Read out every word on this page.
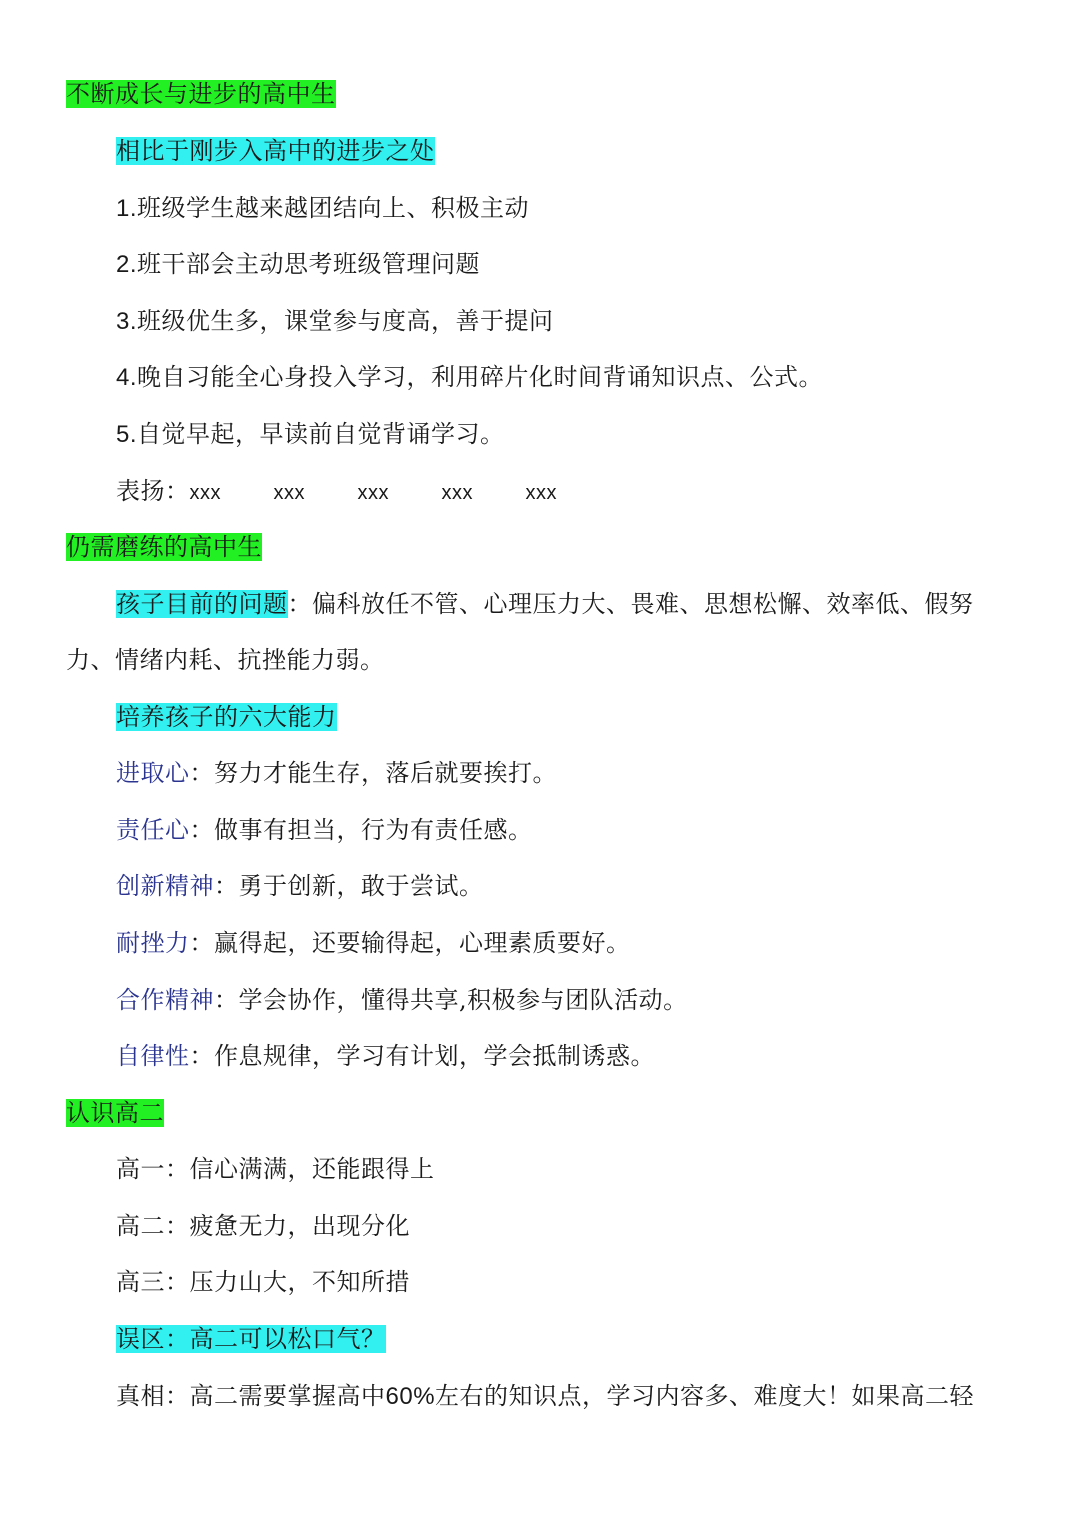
不断成长与进步的高中生
相比于刚步入高中的进步之处
1.班级学生越来越团结向上、积极主动
2.班干部会主动思考班级管理问题
3.班级优生多，课堂参与度高，善于提问
4.晚自习能全心身投入学习，利用碎片化时间背诵知识点、公式。
5.自觉早起，早读前自觉背诵学习。
表扬：xxx	xxx	xxx	xxx	xxx
仍需磨练的高中生
孩子目前的问题：偏科放任不管、心理压力大、畏难、思想松懈、效率低、假努
力、情绪内耗、抗挫能力弱。
培养孩子的六大能力
进取心：努力才能生存，落后就要挨打。
责任心：做事有担当，行为有责任感。
创新精神：勇于创新，敢于尝试。
耐挫力：赢得起，还要输得起，心理素质要好。
合作精神：学会协作，懂得共享,积极参与团队活动。
自律性：作息规律，学习有计划，学会抵制诱惑。
认识高二
高一：信心满满，还能跟得上
高二：疲惫无力，出现分化
高三：压力山大，不知所措
误区：高二可以松口气？
真相：高二需要掌握高中60%左右的知识点，学习内容多、难度大！如果高二轻
